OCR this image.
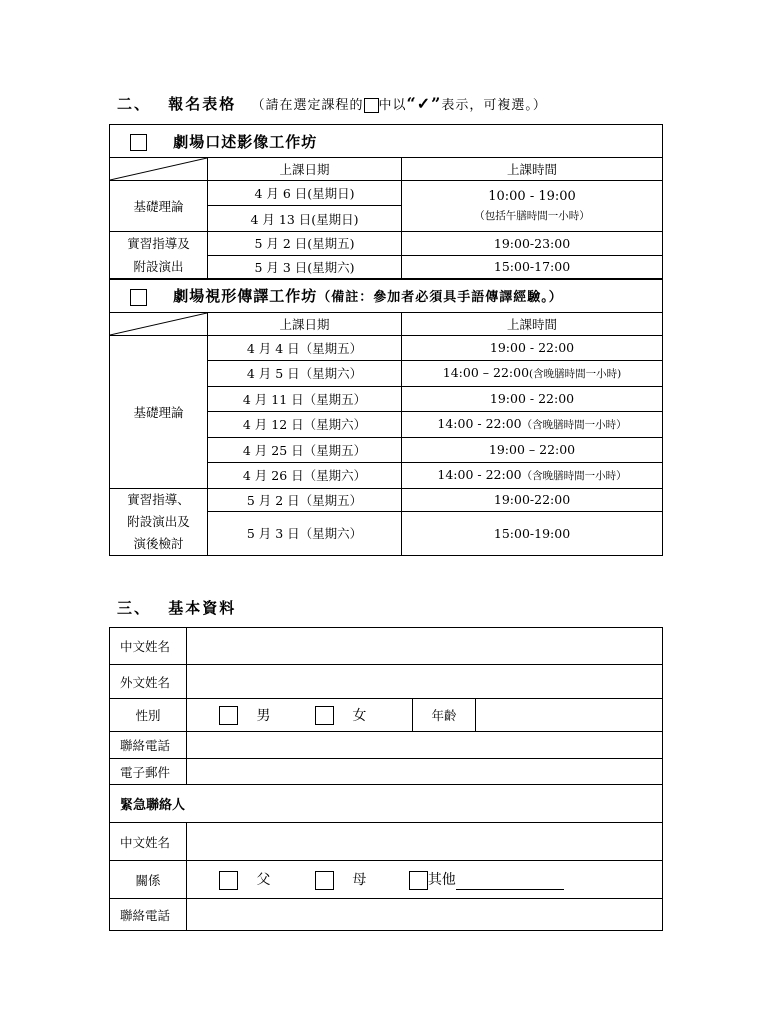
二、 報名表格 （請在選定課程的 中以“✓”表示，可複選。）
劇場口述影像工作坊		

	上課日期	上課時間
基礎理論	4 月 6 日(星期日)	10:00 - 19:00
（包括午膳時間一小時）

	4 月 13 日(星期日)	

實習指導及
附設演出	5 月 2 日(星期五)	19:00-23:00
	5 月 3 日(星期六)	15:00-17:00
劇場視形傳譯工作坊（備註：參加者必須具手語傳譯經驗。）		

	上課日期	上課時間
基礎理論	4 月 4 日（星期五）	19:00 - 22:00
	4 月 5 日（星期六）	14:00 – 22:00(含晚膳時間一小時)
	4 月 11 日（星期五）	19:00 - 22:00
	4 月 12 日（星期六）	14:00 - 22:00（含晚膳時間一小時）
	4 月 25 日（星期五）	19:00 – 22:00
	4 月 26 日（星期六）	14:00 - 22:00（含晚膳時間一小時）

實習指導、
附設演出及
演後檢討	5 月 2 日（星期五）	19:00-22:00
	5 月 3 日（星期六）	15:00-19:00
三、 基本資料
中文姓名			
外文姓名			
性別	男 女	年齡	
聯絡電話			
電子郵件			
緊急聯絡人			
中文姓名			
關係	父 母 其他		
聯絡電話			
